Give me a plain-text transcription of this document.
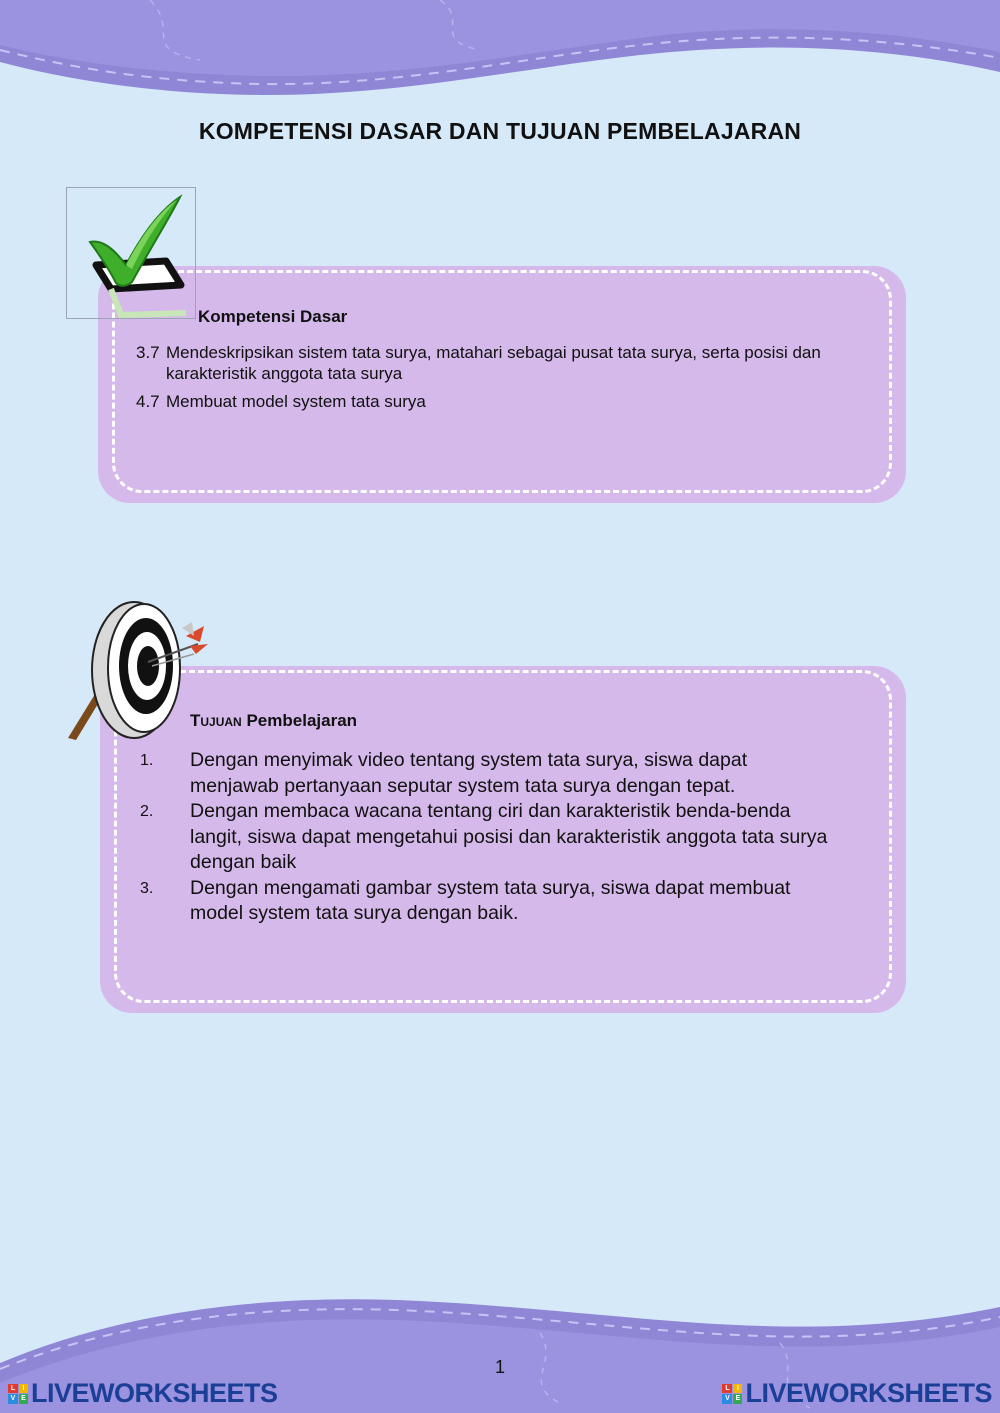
KOMPETENSI DASAR DAN TUJUAN PEMBELAJARAN
Kompetensi Dasar
3.7 Mendeskripsikan sistem tata surya, matahari sebagai pusat tata surya, serta posisi dan karakteristik anggota tata surya
4.7 Membuat model system tata surya
Tujuan Pembelajaran
1. Dengan menyimak video tentang system tata surya, siswa dapat menjawab pertanyaan seputar system tata surya dengan tepat.
2. Dengan membaca wacana tentang ciri dan karakteristik benda-benda langit, siswa dapat mengetahui posisi dan karakteristik anggota tata surya dengan baik
3. Dengan mengamati gambar system tata surya, siswa dapat membuat model system tata surya dengan baik.
1
L	I
V E LIVEWORKSHEETS	L	I
V E LIVEWORKSHEETS
